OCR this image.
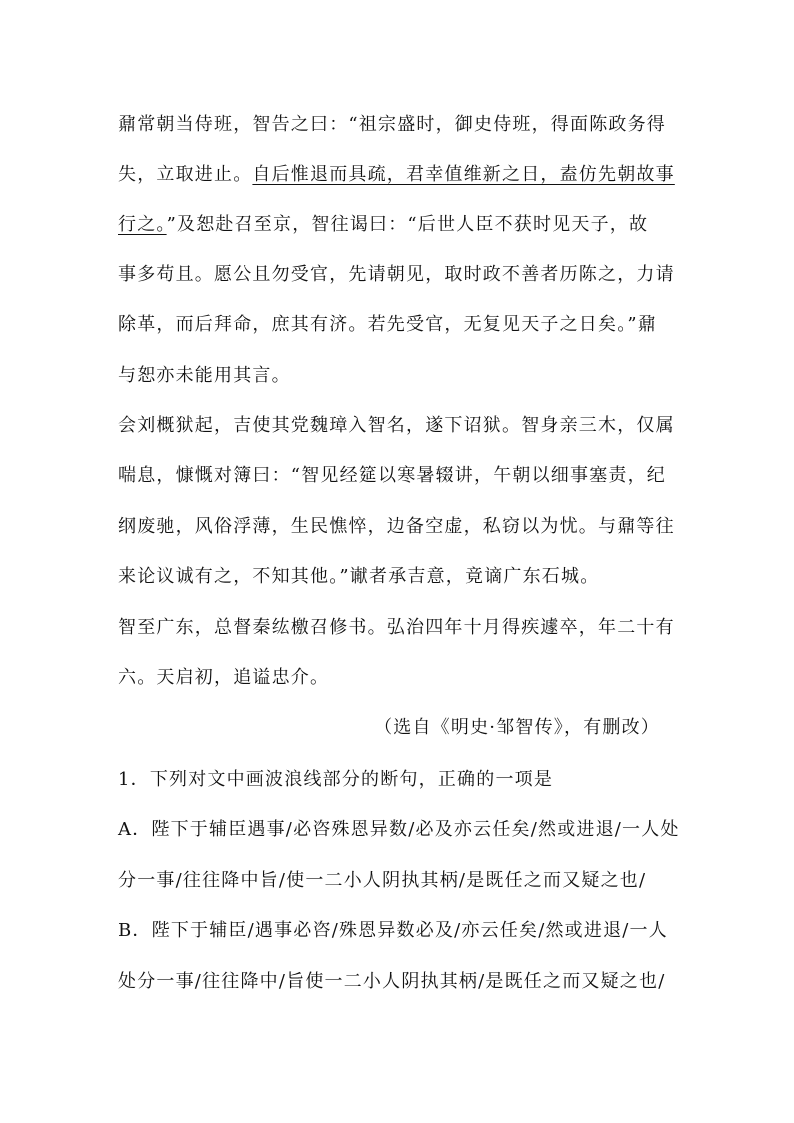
鼐常朝当侍班，智告之曰：“祖宗盛时，御史侍班，得面陈政务得
失，立取进止。自后惟退而具疏，君幸值维新之日，盍仿先朝故事
行之。”及恕赴召至京，智往谒曰：“后世人臣不获时见天子，故
事多苟且。愿公且勿受官，先请朝见，取时政不善者历陈之，力请
除革，而后拜命，庶其有济。若先受官，无复见天子之日矣。”鼐
与恕亦未能用其言。
会刘概狱起，吉使其党魏璋入智名，遂下诏狱。智身亲三木，仅属
喘息，慷慨对簿曰：“智见经筵以寒暑辍讲，午朝以细事塞责，纪
纲废驰，风俗浮薄，生民憔悴，边备空虚，私窃以为忧。与鼐等往
来论议诚有之，不知其他。”谳者承吉意，竟谪广东石城。
智至广东，总督秦纮檄召修书。弘治四年十月得疾遽卒，年二十有
六。天启初，追谥忠介。
（选自《明史·邹智传》，有删改）
1．下列对文中画波浪线部分的断句，正确的一项是
A．陛下于辅臣遇事/必咨殊恩异数/必及亦云任矣/然或进退/一人处
分一事/往往降中旨/使一二小人阴执其柄/是既任之而又疑之也/
B．陛下于辅臣/遇事必咨/殊恩异数必及/亦云任矣/然或进退/一人
处分一事/往往降中/旨使一二小人阴执其柄/是既任之而又疑之也/
